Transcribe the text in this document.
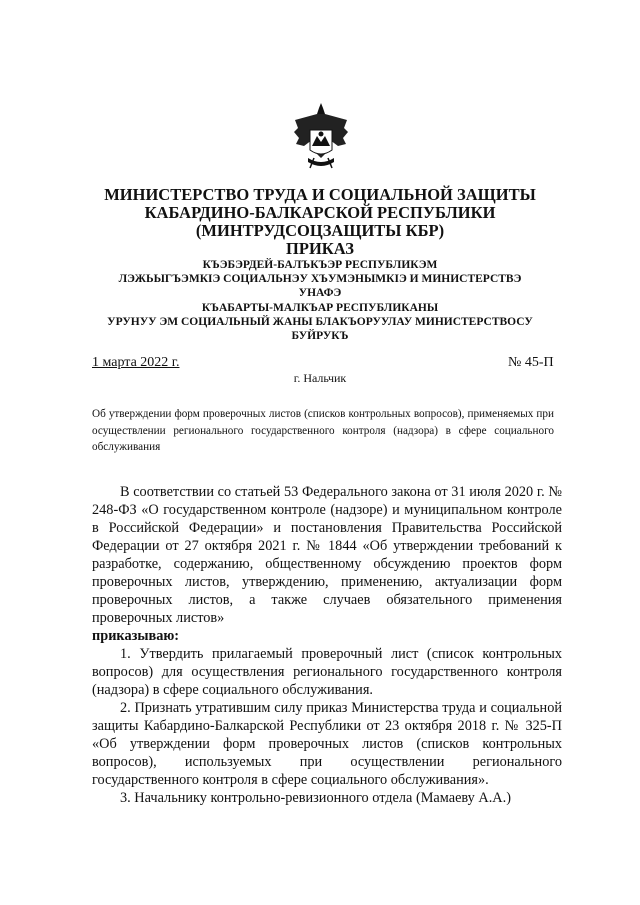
МИНИСТЕРСТВО ТРУДА И СОЦИАЛЬНОЙ ЗАЩИТЫ
КАБАРДИНО-БАЛКАРСКОЙ РЕСПУБЛИКИ
(МИНТРУДСОЦЗАЩИТЫ КБР)
ПРИКАЗ
КЪЭБЭРДЕЙ-БАЛЪКЪЭР РЕСПУБЛИКЭМ
ЛЭЖЬЫГЪЭМКIЭ СОЦИАЛЬНЭУ ХЪУМЭНЫМКIЭ И МИНИСТЕРСТВЭ
УНАФЭ
КЪАБАРТЫ-МАЛКЪАР РЕСПУБЛИКАНЫ
УРУНУУ ЭМ СОЦИАЛЬНЫЙ ЖАНЫ БЛАКЪОРУУЛАУ МИНИСТЕРСТВОСУ
БУЙРУКЪ
1 марта 2022 г.	№ 45-П
г. Нальчик
Об утверждении форм проверочных листов (списков контрольных вопросов), применяемых при осуществлении регионального государственного контроля (надзора) в сфере социального обслуживания

В соответствии со статьей 53 Федерального закона от 31 июля 2020 г. № 248-ФЗ «О государственном контроле (надзоре) и муниципальном контроле в Российской Федерации» и постановления Правительства Российской Федерации от 27 октября 2021 г. № 1844 «Об утверждении требований к разработке, содержанию, общественному обсуждению проектов форм проверочных листов, утверждению, применению, актуализации форм проверочных листов, а также случаев обязательного применения проверочных листов»

приказываю:

1. Утвердить прилагаемый проверочный лист (список контрольных вопросов) для осуществления регионального государственного контроля (надзора) в сфере социального обслуживания.

2. Признать утратившим силу приказ Министерства труда и социальной защиты Кабардино-Балкарской Республики от 23 октября 2018 г. № 325-П «Об утверждении форм проверочных листов (списков контрольных вопросов), используемых при осуществлении регионального государственного контроля в сфере социального обслуживания».

3. Начальнику контрольно-ревизионного отдела (Мамаеву А.А.)
